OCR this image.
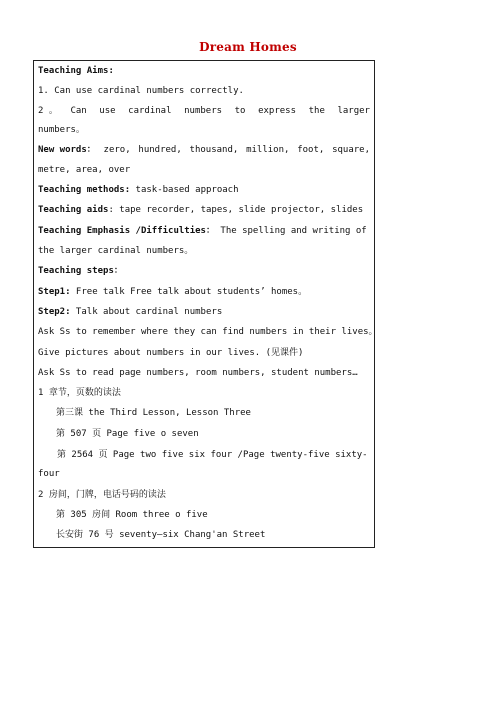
Dream Homes
Teaching Aims:
1. Can use cardinal numbers correctly.
2 。 Can use cardinal numbers to express the larger
numbers。
New words： zero, hundred, thousand, million, foot, square,
metre, area, over
Teaching methods: task-based approach
Teaching aids: tape recorder, tapes, slide projector, slides
Teaching Emphasis /Difficulties： The spelling and writing of
the larger cardinal numbers。
Teaching steps：
Step1: Free talk Free talk about students’ homes。
Step2: Talk about cardinal numbers
Ask Ss to remember where they can find numbers in their lives。
Give pictures about numbers in our lives. (见课件)
Ask Ss to read page numbers, room numbers, student numbers…
1 章节，页数的读法
第三课 the Third Lesson, Lesson Three
第 507 页 Page five o seven
第 2564 页 Page two five six four /Page twenty-five sixty-
four
2 房间，门牌，电话号码的读法
第 305 房间 Room three o five
长安街 76 号 seventy—six Chang'an Street
